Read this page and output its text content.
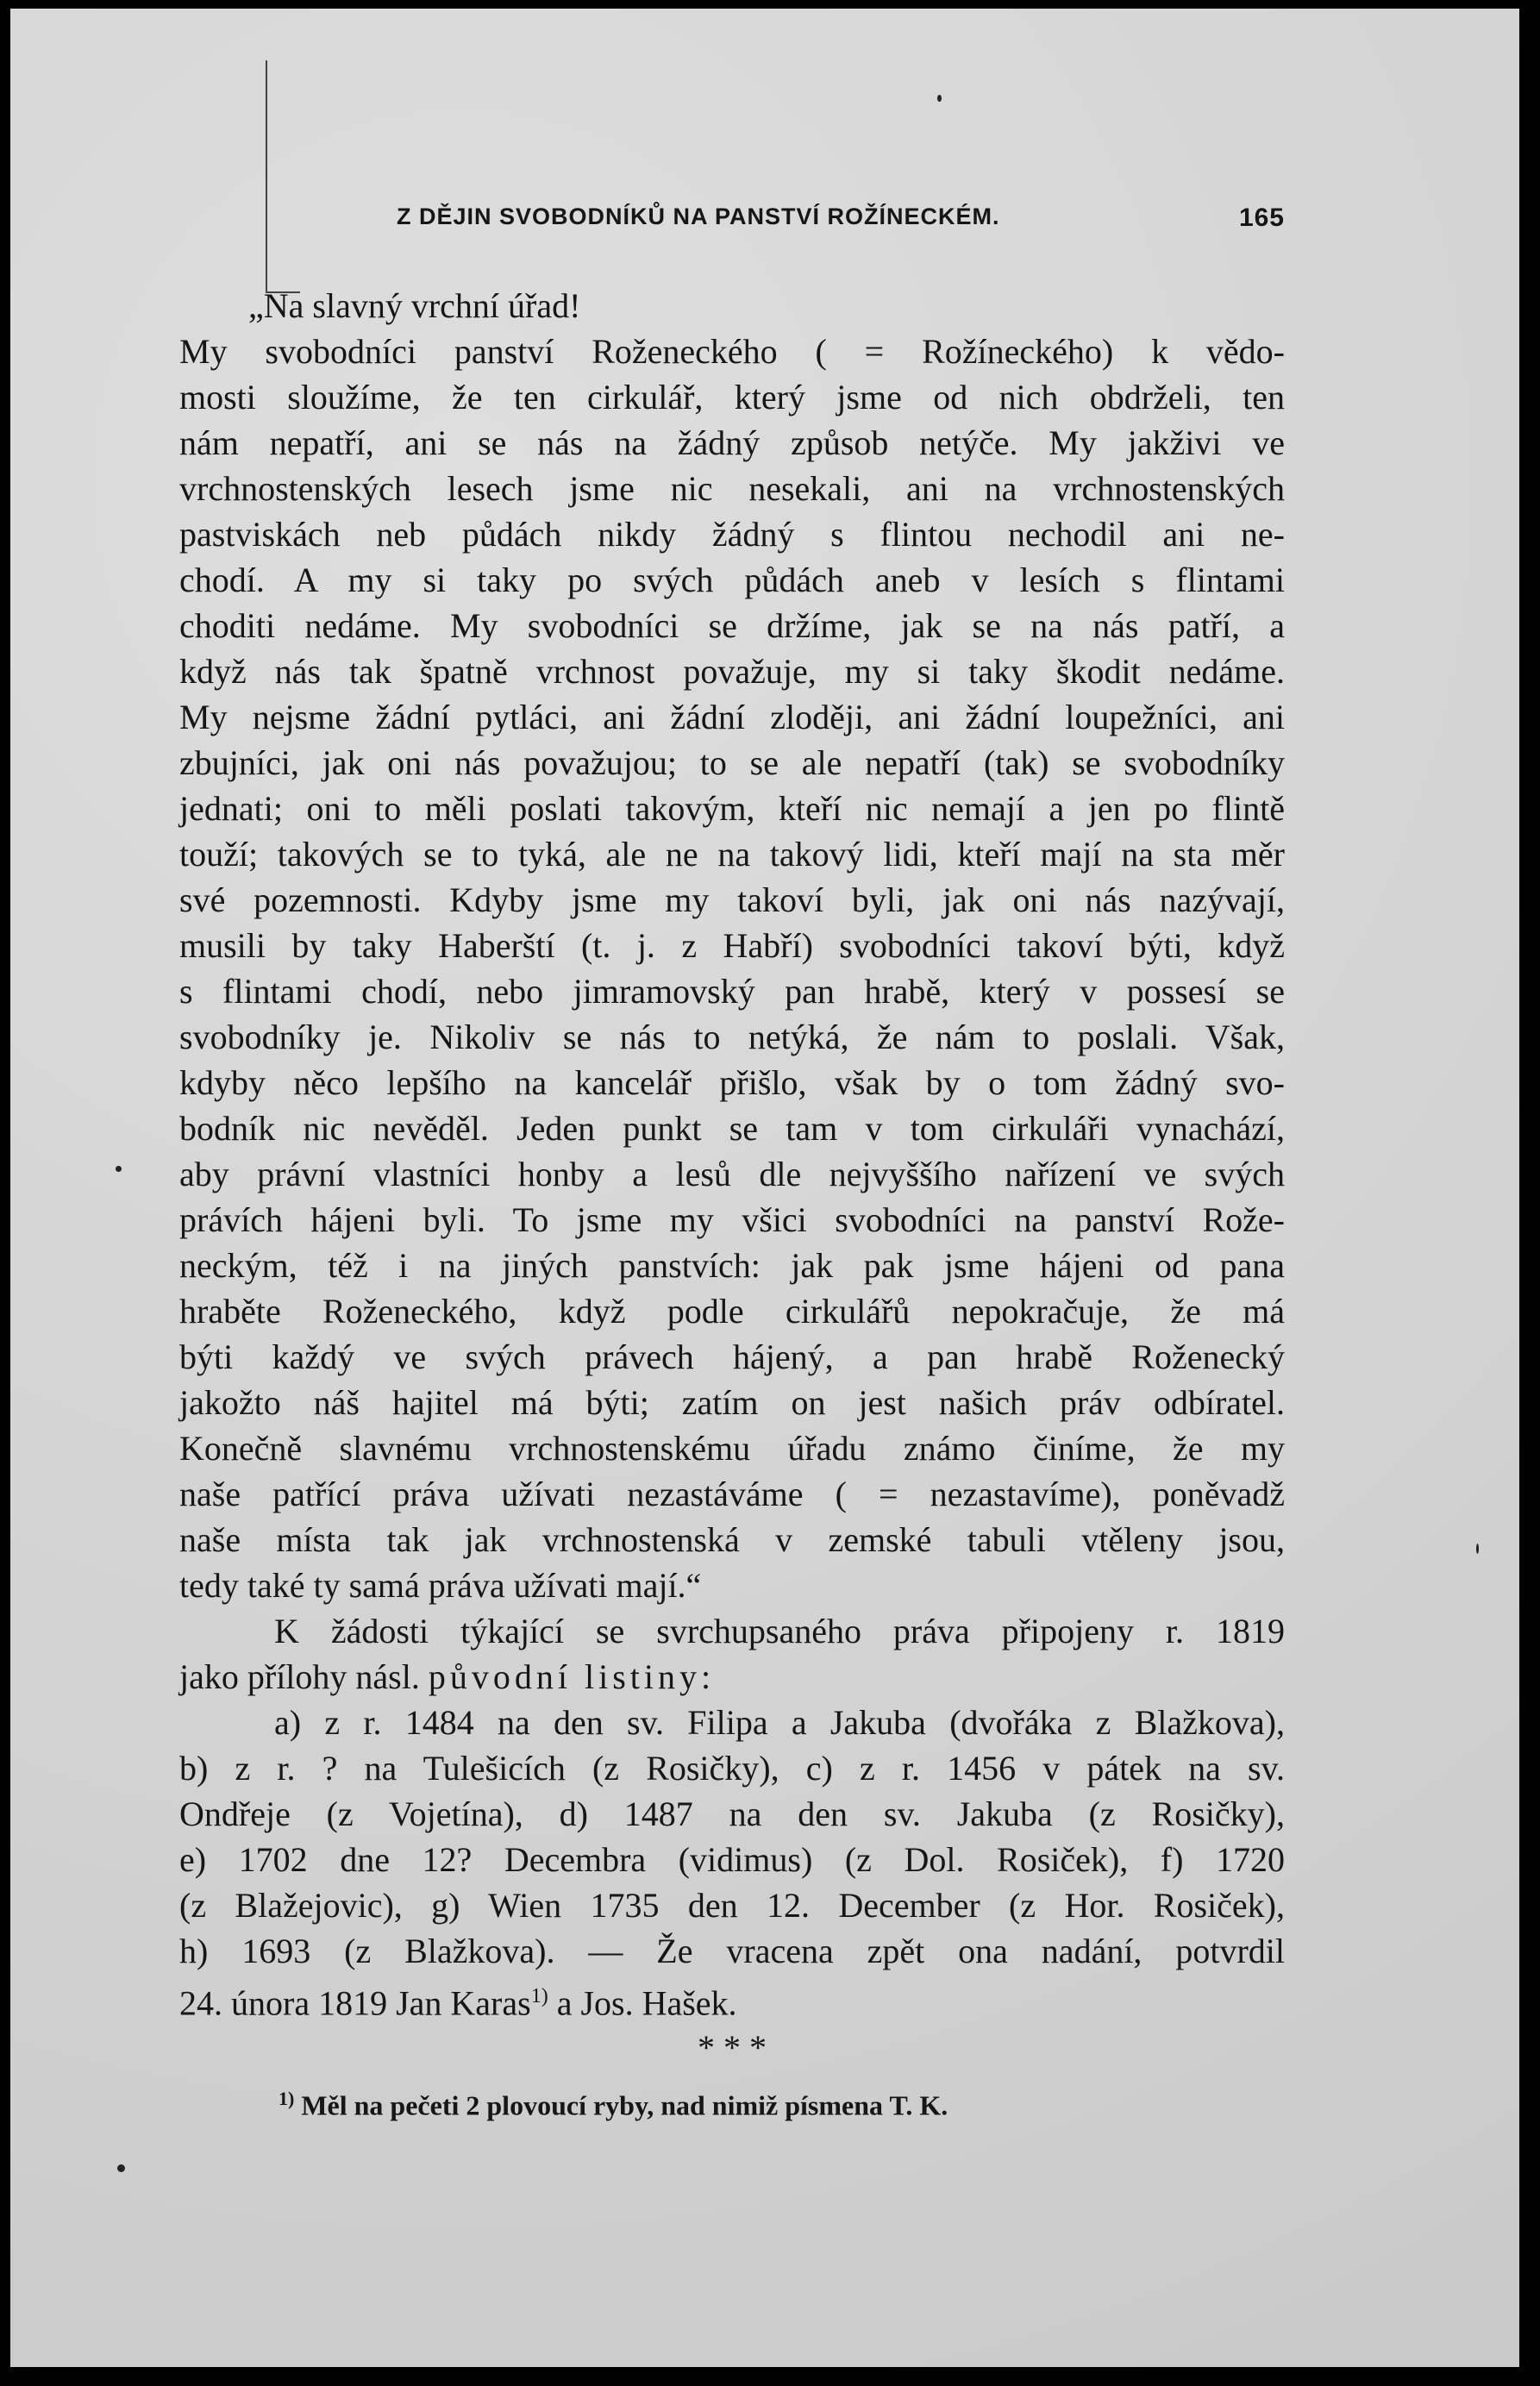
Z DĚJIN SVOBODNÍKŮ NA PANSTVÍ ROŽÍNECKÉM.	165
„Na slavný vrchní úřad!
My svobodníci panství Roženeckého ( = Rožíneckého) k vědo-
mosti sloužíme, že ten cirkulář, který jsme od nich obdrželi, ten
nám nepatří, ani se nás na žádný způsob netýče. My jakživi ve
vrchnostenských lesech jsme nic nesekali, ani na vrchnostenských
pastviskách neb půdách nikdy žádný s flintou nechodil ani ne-
chodí. A my si taky po svých půdách aneb v lesích s flintami
choditi nedáme. My svobodníci se držíme, jak se na nás patří, a
když nás tak špatně vrchnost považuje, my si taky škodit nedáme.
My nejsme žádní pytláci, ani žádní zloději, ani žádní loupežníci, ani
zbujníci, jak oni nás považujou; to se ale nepatří (tak) se svobodníky
jednati; oni to měli poslati takovým, kteří nic nemají a jen po flintě
touží; takových se to tyká, ale ne na takový lidi, kteří mají na sta měr
své pozemnosti. Kdyby jsme my takoví byli, jak oni nás nazývají,
musili by taky Haberští (t. j. z Habří) svobodníci takoví býti, když
s flintami chodí, nebo jimramovský pan hrabě, který v possesí se
svobodníky je. Nikoliv se nás to netýká, že nám to poslali. Však,
kdyby něco lepšího na kancelář přišlo, však by o tom žádný svo-
bodník nic nevěděl. Jeden punkt se tam v tom cirkuláři vynachází,
aby právní vlastníci honby a lesů dle nejvyššího nařízení ve svých
právích hájeni byli. To jsme my všici svobodníci na panství Rože-
neckým, též i na jiných panstvích: jak pak jsme hájeni od pana
hraběte Roženeckého, když podle cirkulářů nepokračuje, že má
býti každý ve svých právech hájený, a pan hrabě Roženecký
jakožto náš hajitel má býti; zatím on jest našich práv odbíratel.
Konečně slavnému vrchnostenskému úřadu známo činíme, že my
naše patřící práva užívati nezastáváme ( = nezastavíme), poněvadž
naše místa tak jak vrchnostenská v zemské tabuli vtěleny jsou,
tedy také ty samá práva užívati mají.“
K žádosti týkající se svrchupsaného práva připojeny r. 1819
jako přílohy násl. původní listiny:
a) z r. 1484 na den sv. Filipa a Jakuba (dvořáka z Blažkova),
b) z r. ? na Tulešicích (z Rosičky), c) z r. 1456 v pátek na sv.
Ondřeje (z Vojetína), d) 1487 na den sv. Jakuba (z Rosičky),
e) 1702 dne 12? Decembra (vidimus) (z Dol. Rosiček), f) 1720
(z Blažejovic), g) Wien 1735 den 12. December (z Hor. Rosiček),
h) 1693 (z Blažkova). — Že vracena zpět ona nadání, potvrdil
24. února 1819 Jan Karas$^{1)}$ a Jos. Hašek.
* * *
$^{1)}$ Měl na pečeti 2 plovoucí ryby, nad nimiž písmena T. K.
